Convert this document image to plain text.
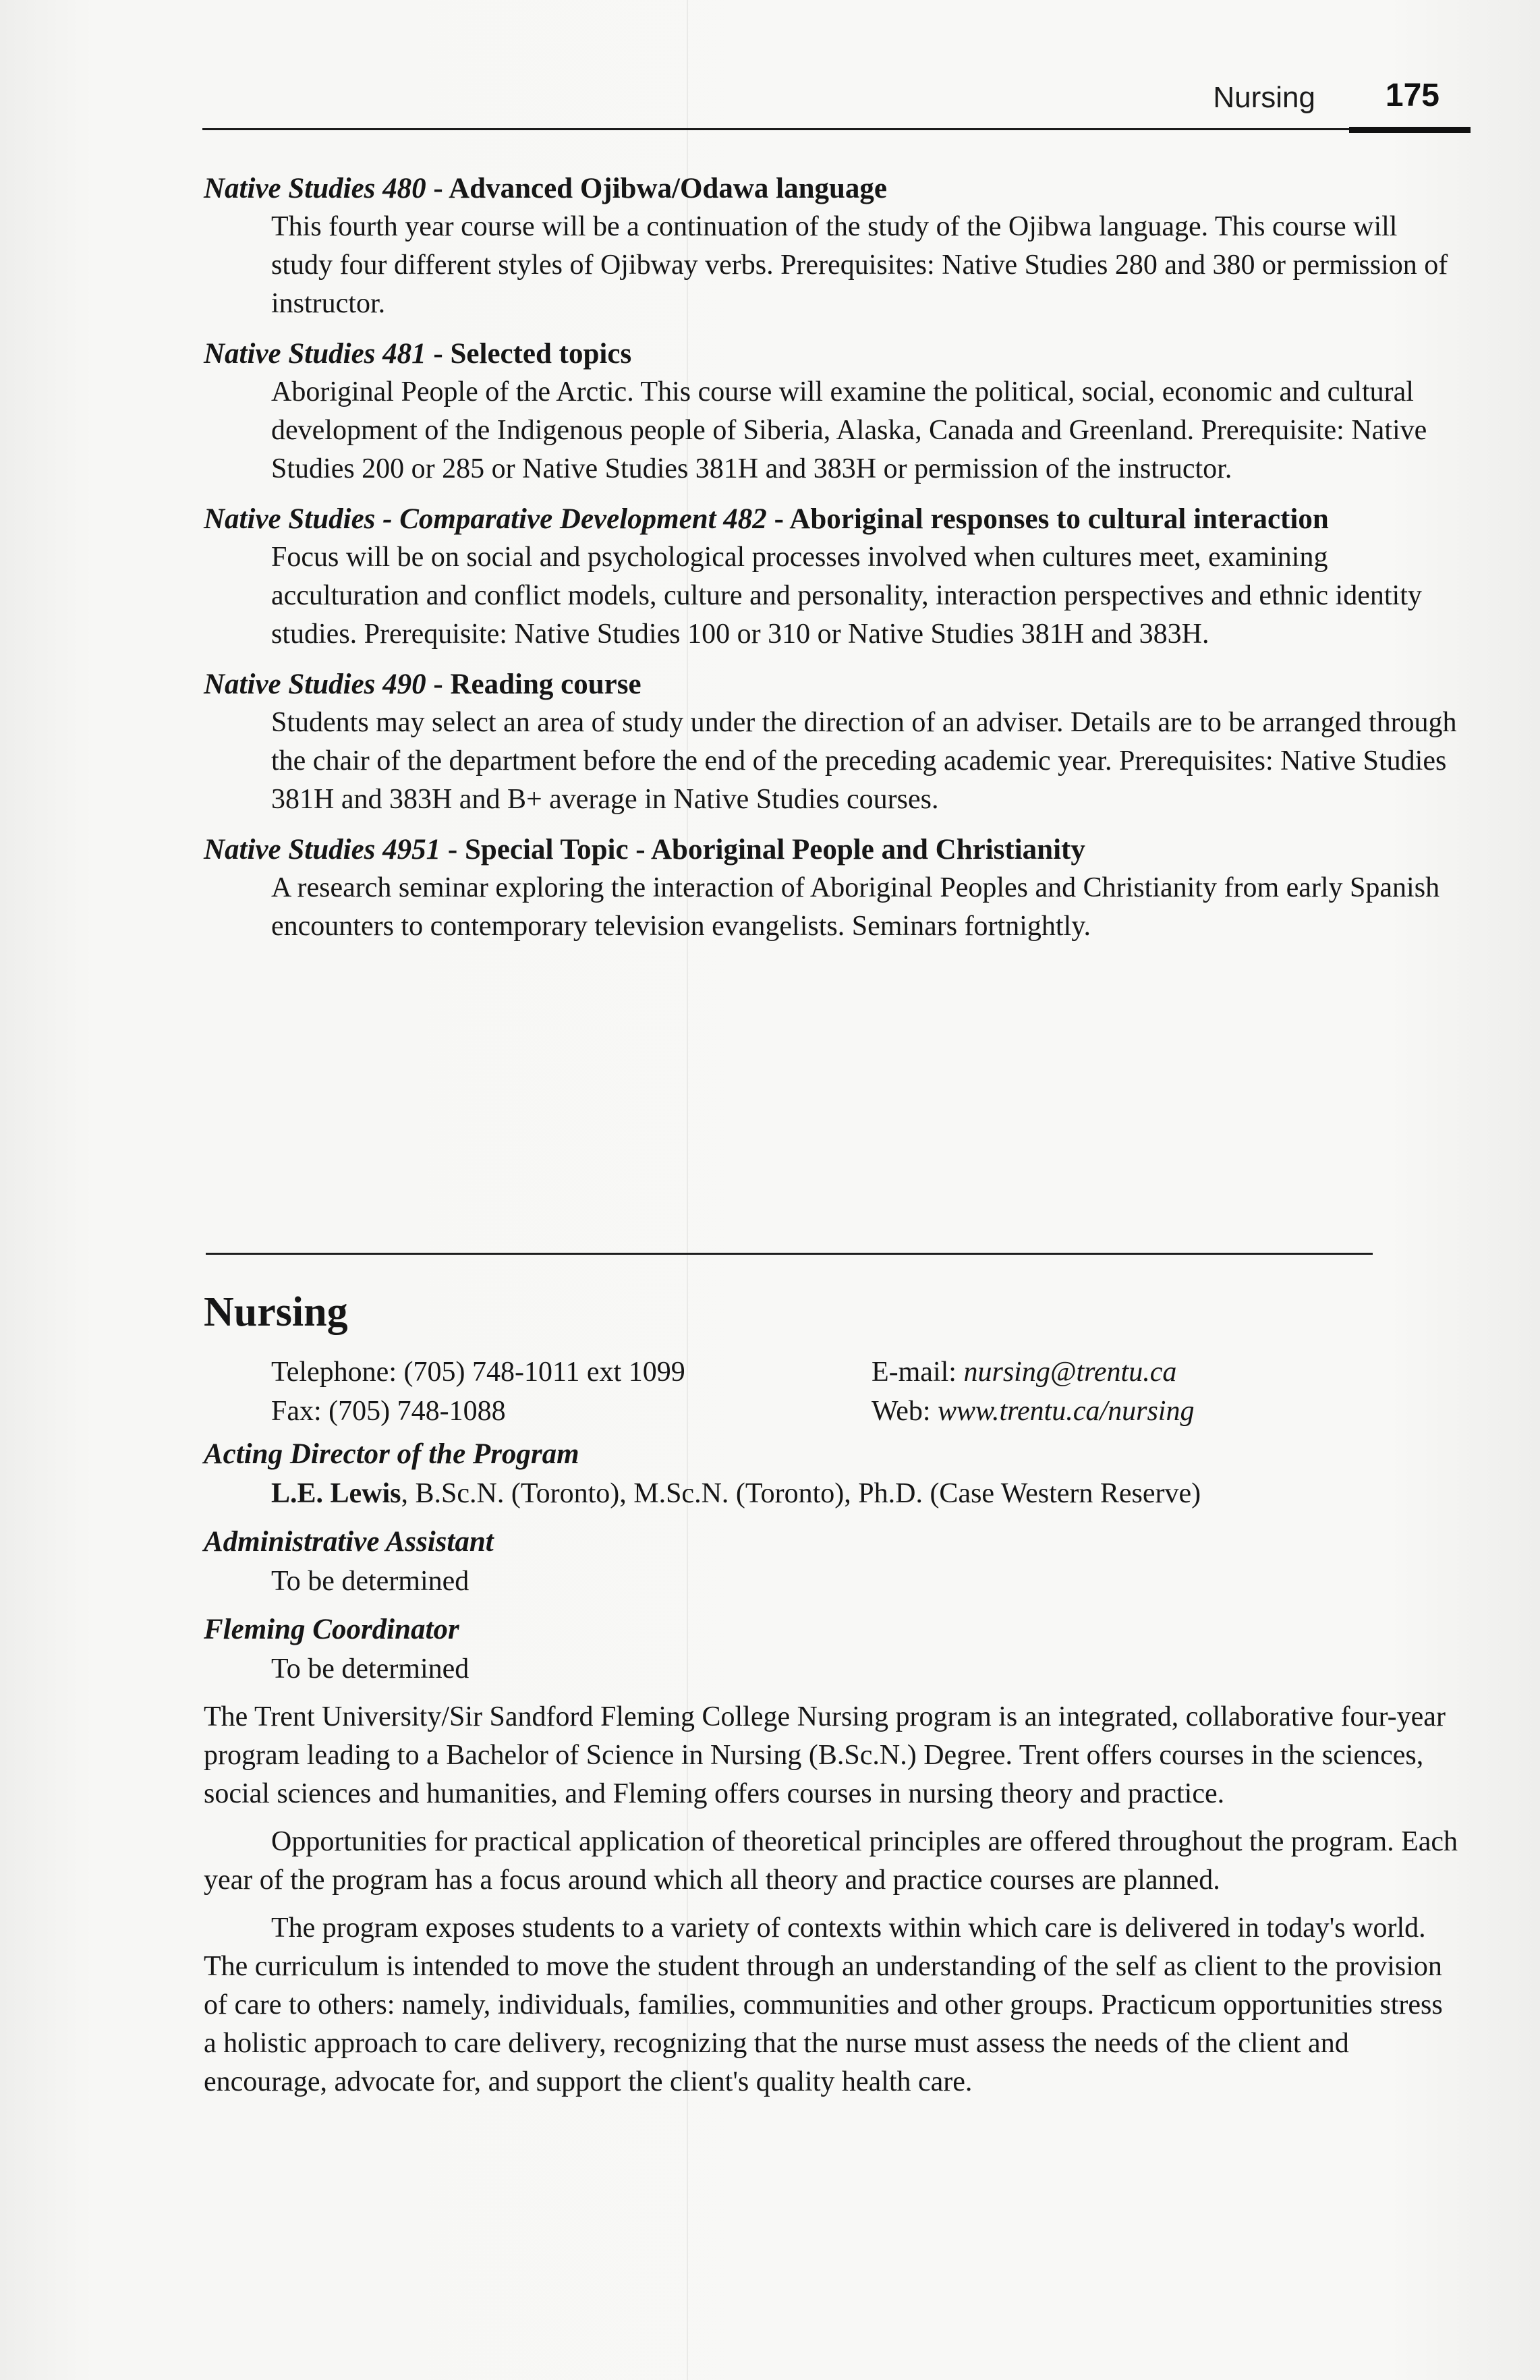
Nursing 175
Native Studies 480 - Advanced Ojibwa/Odawa language
This fourth year course will be a continuation of the study of the Ojibwa language. This course will study four different styles of Ojibway verbs. Prerequisites: Native Studies 280 and 380 or permission of instructor.
Native Studies 481 - Selected topics
Aboriginal People of the Arctic. This course will examine the political, social, economic and cultural development of the Indigenous people of Siberia, Alaska, Canada and Greenland. Prerequisite: Native Studies 200 or 285 or Native Studies 381H and 383H or permission of the instructor.
Native Studies - Comparative Development 482 - Aboriginal responses to cultural interaction
Focus will be on social and psychological processes involved when cultures meet, examining acculturation and conflict models, culture and personality, interaction perspectives and ethnic identity studies. Prerequisite: Native Studies 100 or 310 or Native Studies 381H and 383H.
Native Studies 490 - Reading course
Students may select an area of study under the direction of an adviser. Details are to be arranged through the chair of the department before the end of the preceding academic year. Prerequisites: Native Studies 381H and 383H and B+ average in Native Studies courses.
Native Studies 4951 - Special Topic - Aboriginal People and Christianity
A research seminar exploring the interaction of Aboriginal Peoples and Christianity from early Spanish encounters to contemporary television evangelists. Seminars fortnightly.
Nursing
Telephone: (705) 748-1011 ext 1099
Fax: (705) 748-1088
E-mail: nursing@trentu.ca
Web: www.trentu.ca/nursing
Acting Director of the Program
L.E. Lewis, B.Sc.N. (Toronto), M.Sc.N. (Toronto), Ph.D. (Case Western Reserve)
Administrative Assistant
To be determined
Fleming Coordinator
To be determined
The Trent University/Sir Sandford Fleming College Nursing program is an integrated, collaborative four-year program leading to a Bachelor of Science in Nursing (B.Sc.N.) Degree. Trent offers courses in the sciences, social sciences and humanities, and Fleming offers courses in nursing theory and practice.
Opportunities for practical application of theoretical principles are offered throughout the program. Each year of the program has a focus around which all theory and practice courses are planned.
The program exposes students to a variety of contexts within which care is delivered in today's world. The curriculum is intended to move the student through an understanding of the self as client to the provision of care to others: namely, individuals, families, communities and other groups. Practicum opportunities stress a holistic approach to care delivery, recognizing that the nurse must assess the needs of the client and encourage, advocate for, and support the client's quality health care.
